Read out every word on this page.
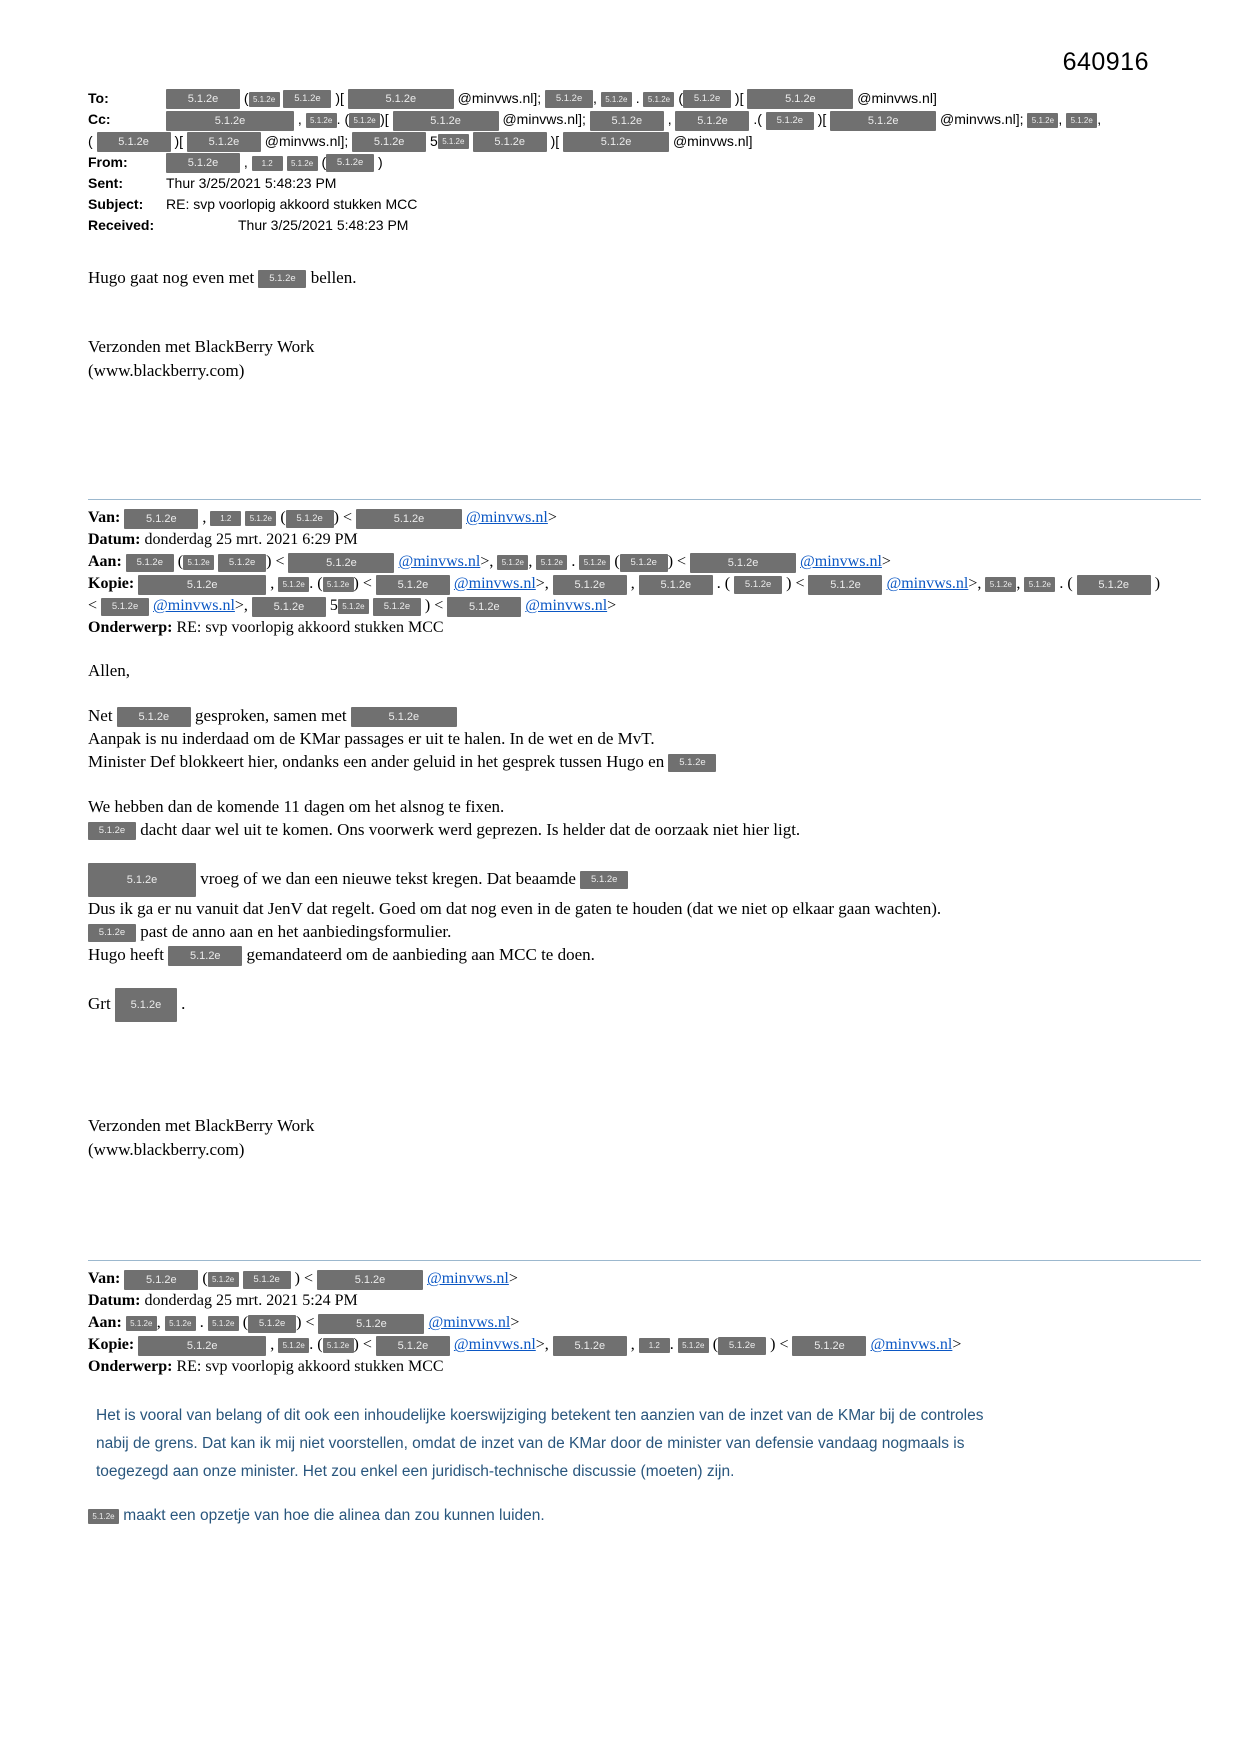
640916
To:	5.1.2e ( 5.1.2e 5.1.2e )[	5.1.2e	@minvws.nl]; 5.1.2e , 5.1.2e . 5.1.2e ( 5.1.2e )[	5.1.2e	@minvws.nl]
Cc:	5.1.2e	, 5.1.2e . ( 5.1.2e )[	5.1.2e	@minvws.nl]; 5.1.2e , 5.1.2e .( 5.1.2e )[	5.1.2e	@minvws.nl]; 5.1.2e , 5.1.2e ,
( 5.1.2e )[ 5.1.2e @minvws.nl]; 5.1.2e 5 5.1.2e	5.1.2e )[	5.1.2e	@minvws.nl]
From:	5.1.2e , 1.2 5.1.2e ( 5.1.2e )
Sent:	Thur 3/25/2021 5:48:23 PM
Subject: RE: svp voorlopig akkoord stukken MCC
Received:	Thur 3/25/2021 5:48:23 PM
Hugo gaat nog even met 5.1.2e bellen.
Verzonden met BlackBerry Work
(www.blackberry.com)
Van: 5.1.2e , 1.2 5.1.2e ( 5.1.2e ) <	5.1.2e	@minvws.nl>
Datum: donderdag 25 mrt. 2021 6:29 PM
Aan: 5.1.2e ( 5.1.2e 5.1.2e ) <	5.1.2e	@minvws.nl>, 5.1.2e , 5.1.2e . 5.1.2e ( 5.1.2e ) <	5.1.2e	@minvws.nl>
Kopie:	5.1.2e	, 5.1.2e . ( 5.1.2e ) < 5.1.2e @minvws.nl>, 5.1.2e , 5.1.2e . ( 5.1.2e ) < 5.1.2e @minvws.nl>, 5.1.2e , 5.1.2e . ( 5.1.2e )
< 5.1.2e @minvws.nl>, 5.1.2e 5 5.1.2e 5.1.2e ) < 5.1.2e @minvws.nl>
Onderwerp: RE: svp voorlopig akkoord stukken MCC
Allen,
Net 5.1.2e gesproken, samen met	5.1.2e
Aanpak is nu inderdaad om de KMar passages er uit te halen. In de wet en de MvT.
Minister Def blokkeert hier, ondanks een ander geluid in het gesprek tussen Hugo en 5.1.2e
We hebben dan de komende 11 dagen om het alsnog te fixen.
5.1.2e dacht daar wel uit te komen. Ons voorwerk werd geprezen. Is helder dat de oorzaak niet hier ligt.
5.1.2e vroeg of we dan een nieuwe tekst kregen. Dat beaamde 5.1.2e
Dus ik ga er nu vanuit dat JenV dat regelt. Goed om dat nog even in de gaten te houden (dat we niet op elkaar gaan wachten).
5.1.2e past de anno aan en het aanbiedingsformulier.
Hugo heeft 5.1.2e gemandateerd om de aanbieding aan MCC te doen.
Grt 5.1.2e .
Verzonden met BlackBerry Work
(www.blackberry.com)
Van: 5.1.2e ( 5.1.2e 5.1.2e ) <	5.1.2e	@minvws.nl>
Datum: donderdag 25 mrt. 2021 5:24 PM
Aan: 5.1.2e , 5.1.2e . 5.1.2e ( 5.1.2e ) <	5.1.2e	@minvws.nl>
Kopie:	5.1.2e	, 5.1.2e . ( 5.1.2e ) < 5.1.2e @minvws.nl>, 5.1.2e , 1.2 . 5.1.2e ( 5.1.2e ) < 5.1.2e @minvws.nl>
Onderwerp: RE: svp voorlopig akkoord stukken MCC
Het is vooral van belang of dit ook een inhoudelijke koerswijziging betekent ten aanzien van de inzet van de KMar bij de controles nabij de grens. Dat kan ik mij niet voorstellen, omdat de inzet van de KMar door de minister van defensie vandaag nogmaals is toegezegd aan onze minister. Het zou enkel een juridisch-technische discussie (moeten) zijn.
5.1.2e maakt een opzetje van hoe die alinea dan zou kunnen luiden.
